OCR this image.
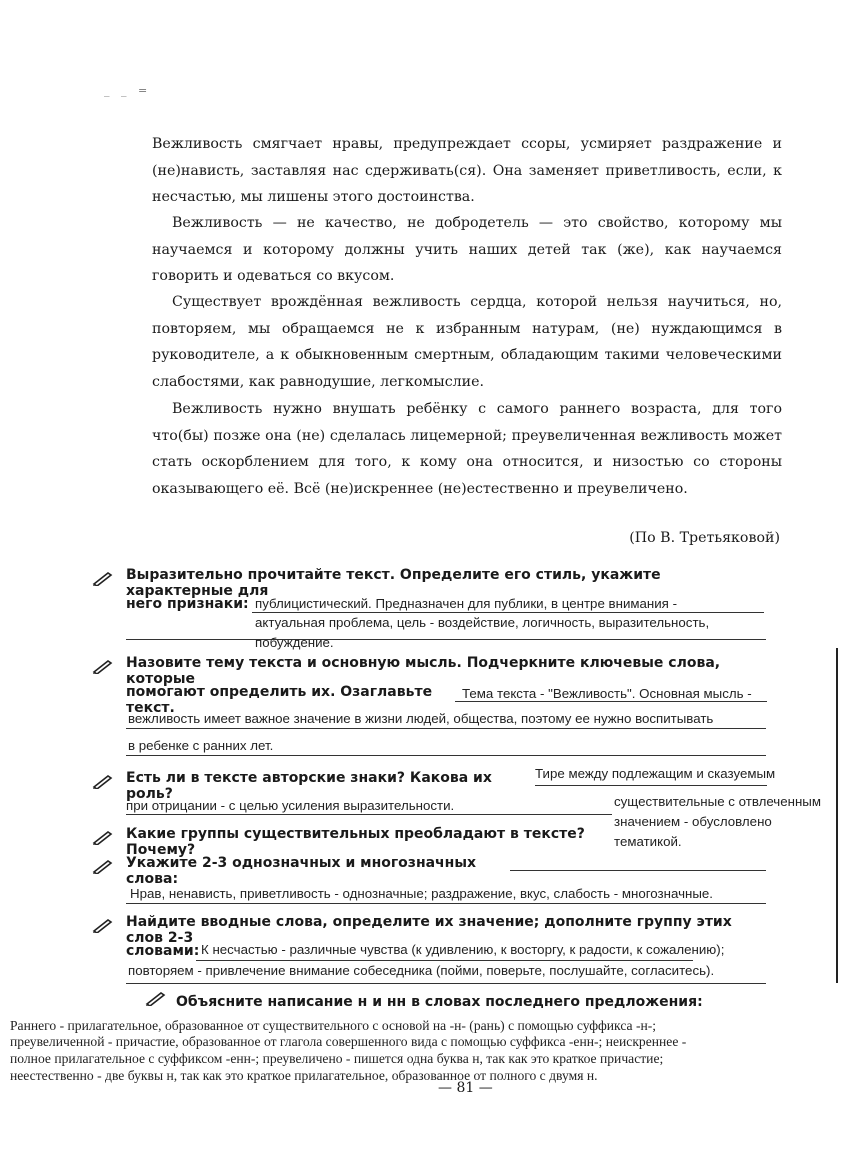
_ _ =
Вежливость смягчает нравы, предупреждает ссоры, усмиряет раздражение и (не)нависть, заставляя нас сдерживать(ся). Она заменяет приветливость, если, к несчастью, мы лишены этого достоинства.
Вежливость — не качество, не добродетель — это свойство, которому мы научаемся и которому должны учить наших детей так (же), как научаемся говорить и одеваться со вкусом.
Существует врождённая вежливость сердца, которой нельзя научиться, но, повторяем, мы обращаемся не к избранным натурам, (не) нуждающимся в руководителе, а к обыкновенным смертным, обладающим такими человеческими слабостями, как равнодушие, легкомыслие.
Вежливость нужно внушать ребёнку с самого раннего возраста, для того что(бы) позже она (не) сделалась лицемерной; преувеличенная вежливость может стать оскорблением для того, к кому она относится, и низостью со стороны оказывающего её. Всё (не)искреннее (не)естественно и преувеличено.
(По В. Третьяковой)
Выразительно прочитайте текст. Определите его стиль, укажите характерные для
него признаки: публицистический. Предназначен для публики, в центре внимания -
актуальная проблема, цель - воздействие, логичность, выразительность,
побуждение.
Назовите тему текста и основную мысль. Подчеркните ключевые слова, которые
помогают определить их. Озаглавьте текст.
Тема текста - "Вежливость". Основная мысль -
вежливость имеет важное значение в жизни людей, общества, поэтому ее нужно воспитывать
в ребенке с ранних лет.
Есть ли в тексте авторские знаки? Какова их роль?
Тире между подлежащим и сказуемым
при отрицании - с целью усиления выразительности.
Какие группы существительных преобладают в тексте? Почему?
существительные с отвлеченным
значением - обусловлено
тематикой.
Укажите 2-3 однозначных и многозначных слова:
Нрав, ненависть, приветливость - однозначные; раздражение, вкус, слабость - многозначные.
Найдите вводные слова, определите их значение; дополните группу этих слов 2-3
словами: К несчастью - различные чувства (к удивлению, к восторгу, к радости, к сожалению);
повторяем - привлечение внимание собеседника (пойми, поверьте, послушайте, согласитесь).
Объясните написание н и нн в словах последнего предложения:
Раннего - прилагательное, образованное от существительного с основой на -н- (рань) с помощью суффикса -н-;
преувеличенной - причастие, образованное от глагола совершенного вида с помощью суффикса -енн-; неискреннее -
полное прилагательное с суффиксом -енн-; преувеличено - пишется одна буква н, так как это краткое причастие;
неестественно - две буквы н, так как это краткое прилагательное, образованное от полного с двумя н.
— 81 —
